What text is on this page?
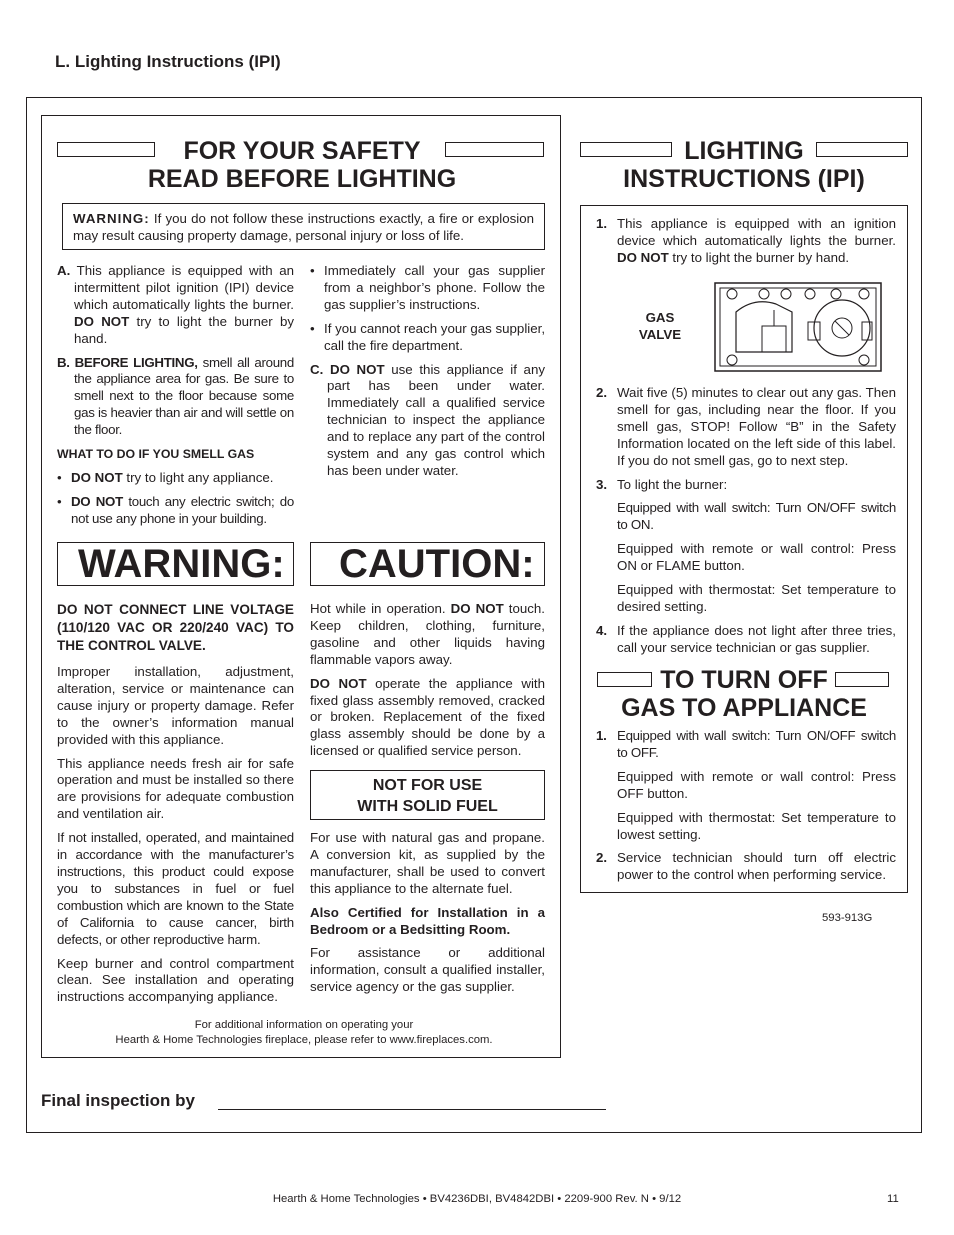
L. Lighting Instructions (IPI)
FOR YOUR SAFETY
READ BEFORE LIGHTING
WARNING: If you do not follow these instructions exactly, a fire or explosion may result causing property damage, personal injury or loss of life.

A. This appliance is equipped with an intermittent pilot ignition (IPI) device which automatically lights the burner. DO NOT try to light the burner by hand.

B. BEFORE LIGHTING, smell all around the appliance area for gas. Be sure to smell next to the floor because some gas is heavier than air and will settle on the floor.

WHAT TO DO IF YOU SMELL GAS

• DO NOT try to light any appliance.

• DO NOT touch any electric switch; do not use any phone in your building.

• Immediately call your gas supplier from a neighbor’s phone. Follow the gas supplier’s instructions.

• If you cannot reach your gas supplier, call the fire department.

C. DO NOT use this appliance if any part has been under water. Immediately call a qualified service technician to inspect the appliance and to replace any part of the control system and any gas control which has been under water.

WARNING:	CAUTION:

DO NOT CONNECT LINE VOLTAGE (110/120 VAC OR 220/240 VAC) TO THE CONTROL VALVE.

Improper installation, adjustment, alteration, service or maintenance can cause injury or property damage. Refer to the owner’s information manual provided with this appliance.

This appliance needs fresh air for safe operation and must be installed so there are provisions for adequate combustion and ventilation air.

If not installed, operated, and maintained in accordance with the manufacturer’s instructions, this product could expose you to substances in fuel or fuel combustion which are known to the State of California to cause cancer, birth defects, or other reproductive harm.

Keep burner and control compartment clean. See installation and operating instructions accompanying appliance.

Hot while in operation. DO NOT touch. Keep children, clothing, furniture, gasoline and other liquids having flammable vapors away.

DO NOT operate the appliance with fixed glass assembly removed, cracked or broken. Replacement of the fixed glass assembly should be done by a licensed or qualified service person.

NOT FOR USE
WITH SOLID FUEL

For use with natural gas and propane. A conversion kit, as supplied by the manufacturer, shall be used to convert this appliance to the alternate fuel.

Also Certified for Installation in a Bedroom or a Bedsitting Room.

For assistance or additional information, consult a qualified installer, service agency or the gas supplier.

For additional information on operating your
Hearth & Home Technologies fireplace, please refer to www.fireplaces.com.
LIGHTING
INSTRUCTIONS (IPI)

1. This appliance is equipped with an ignition device which automatically lights the burner. DO NOT try to light the burner by hand.

GAS
VALVE

2. Wait five (5) minutes to clear out any gas. Then smell for gas, including near the floor. If you smell gas, STOP! Follow “B” in the Safety Information located on the left side of this label. If you do not smell gas, go to next step.

3. To light the burner:

Equipped with wall switch: Turn ON/OFF switch to ON.

Equipped with remote or wall control: Press ON or FLAME button.

Equipped with thermostat: Set temperature to desired setting.

4. If the appliance does not light after three tries, call your service technician or gas supplier.

TO TURN OFF
GAS TO APPLIANCE

1. Equipped with wall switch: Turn ON/OFF switch to OFF.

Equipped with remote or wall control: Press OFF button.

Equipped with thermostat: Set temperature to lowest setting.

2. Service technician should turn off electric power to the control when performing service.

593-913G
Final inspection by
Hearth & Home Technologies • BV4236DBI, BV4842DBI • 2209-900 Rev. N • 9/12	11
